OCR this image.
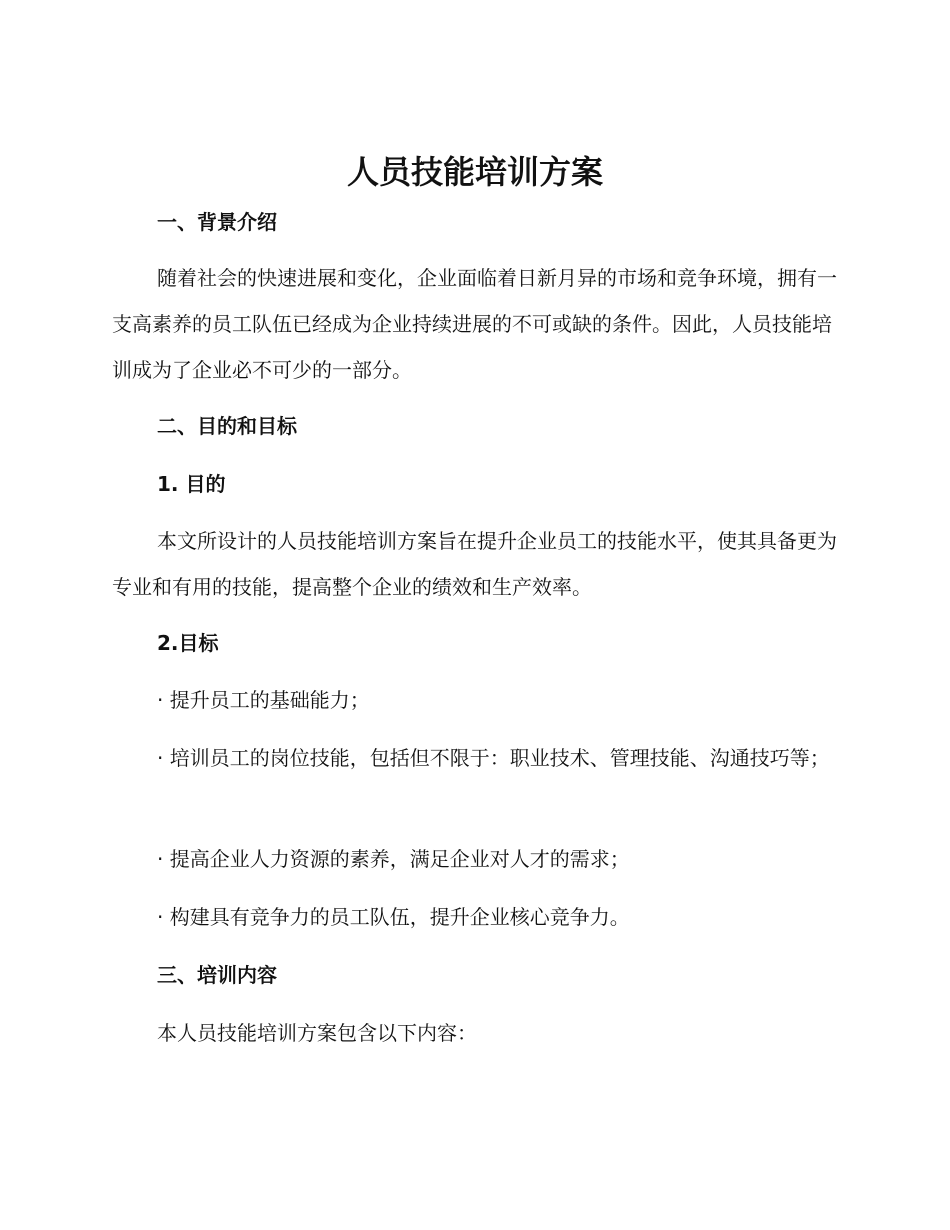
人员技能培训方案
一、背景介绍
随着社会的快速进展和变化，企业面临着日新月异的市场和竞争环境，拥有一支高素养的员工队伍已经成为企业持续进展的不可或缺的条件。因此，人员技能培训成为了企业必不可少的一部分。
二、目的和目标
1. 目的
本文所设计的人员技能培训方案旨在提升企业员工的技能水平，使其具备更为专业和有用的技能，提高整个企业的绩效和生产效率。
2.目标
· 提升员工的基础能力；
· 培训员工的岗位技能，包括但不限于：职业技术、管理技能、沟通技巧等；
· 提高企业人力资源的素养，满足企业对人才的需求；
· 构建具有竞争力的员工队伍，提升企业核心竞争力。
三、培训内容
本人员技能培训方案包含以下内容：
